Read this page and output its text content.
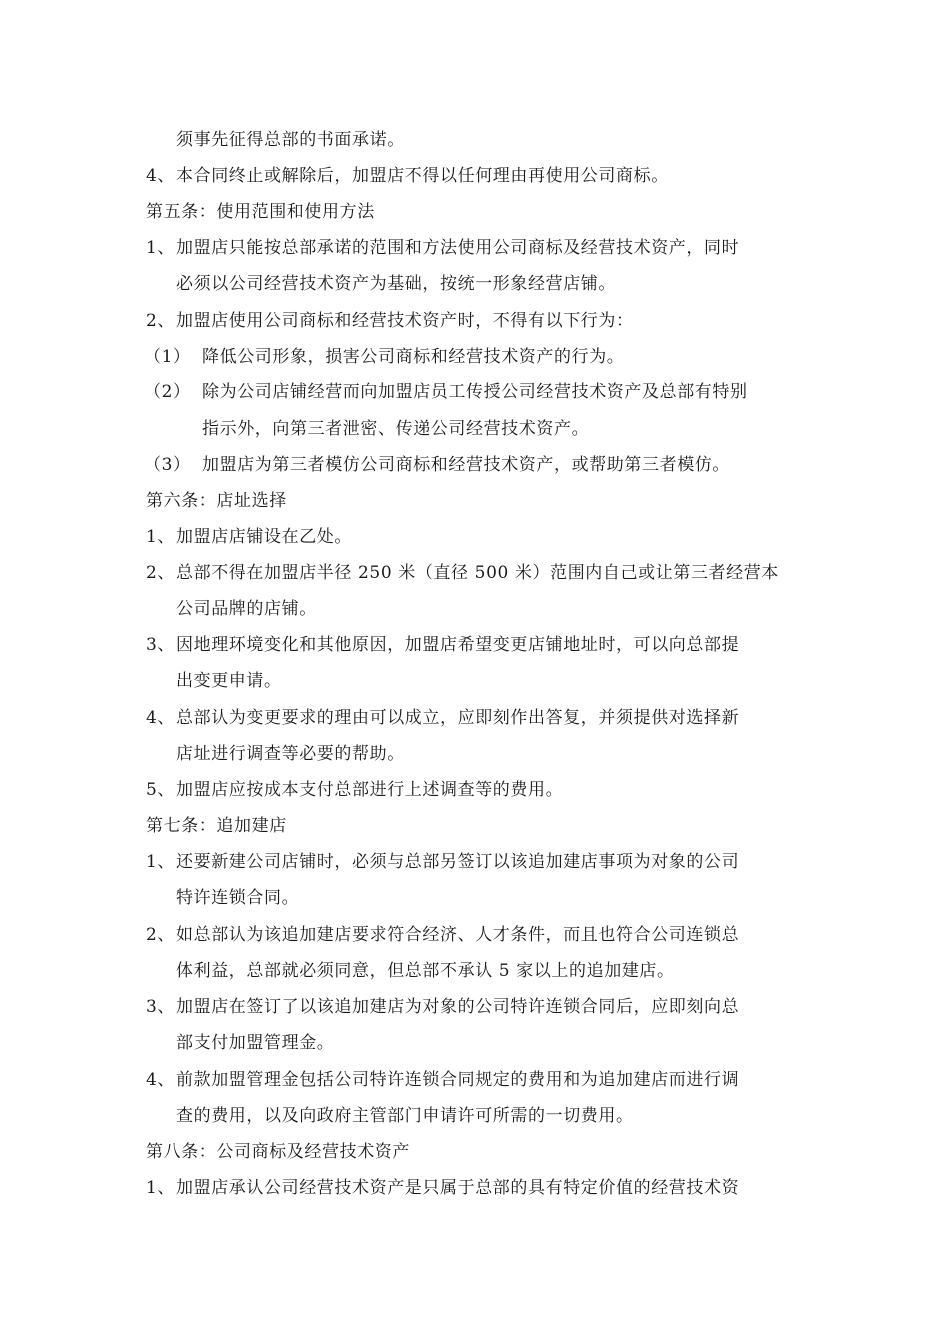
须事先征得总部的书面承诺。
4、 本合同终止或解除后，加盟店不得以任何理由再使用公司商标。
第五条：使用范围和使用方法
1、 加盟店只能按总部承诺的范围和方法使用公司商标及经营技术资产，同时
必须以公司经营技术资产为基础，按统一形象经营店铺。
2、 加盟店使用公司商标和经营技术资产时，不得有以下行为：
（1） 降低公司形象，损害公司商标和经营技术资产的行为。
（2） 除为公司店铺经营而向加盟店员工传授公司经营技术资产及总部有特别
指示外，向第三者泄密、传递公司经营技术资产。
（3） 加盟店为第三者模仿公司商标和经营技术资产，或帮助第三者模仿。
第六条：店址选择
1、 加盟店店铺设在乙处。
2、 总部不得在加盟店半径 250 米（直径 500 米）范围内自己或让第三者经营本
公司品牌的店铺。
3、 因地理环境变化和其他原因，加盟店希望变更店铺地址时，可以向总部提
出变更申请。
4、 总部认为变更要求的理由可以成立，应即刻作出答复，并须提供对选择新
店址进行调查等必要的帮助。
5、 加盟店应按成本支付总部进行上述调查等的费用。
第七条：追加建店
1、 还要新建公司店铺时，必须与总部另签订以该追加建店事项为对象的公司
特许连锁合同。
2、 如总部认为该追加建店要求符合经济、人才条件，而且也符合公司连锁总
体利益，总部就必须同意，但总部不承认 5 家以上的追加建店。
3、 加盟店在签订了以该追加建店为对象的公司特许连锁合同后，应即刻向总
部支付加盟管理金。
4、 前款加盟管理金包括公司特许连锁合同规定的费用和为追加建店而进行调
查的费用，以及向政府主管部门申请许可所需的一切费用。
第八条：公司商标及经营技术资产
1、 加盟店承认公司经营技术资产是只属于总部的具有特定价值的经营技术资
